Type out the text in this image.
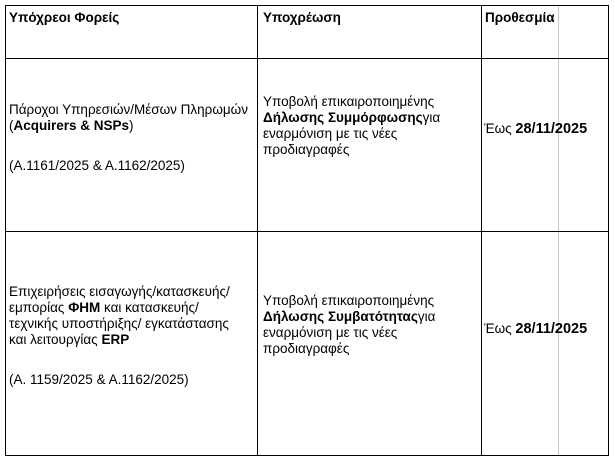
Υπόχρεοι Φορείς	Υποχρέωση	Προθεσμία
Πάροχοι Υπηρεσιών/Μέσων Πληρωμών (Acquirers & NSPs)
(Α.1161/2025 & Α.1162/2025)
Υποβολή επικαιροποιημένης Δήλωσης Συμμόρφωσηςγια εναρμόνιση με τις νέες προδιαγραφές
Έως 28/11/2025
Επιχειρήσεις εισαγωγής/κατασκευής/ εμπορίας ΦΗΜ και κατασκευής/ τεχνικής υποστήριξης/ εγκατάστασης και λειτουργίας ERP
(Α. 1159/2025 & Α.1162/2025)
Υποβολή επικαιροποιημένης Δήλωσης Συμβατότηταςγια εναρμόνιση με τις νέες προδιαγραφές
Έως 28/11/2025
